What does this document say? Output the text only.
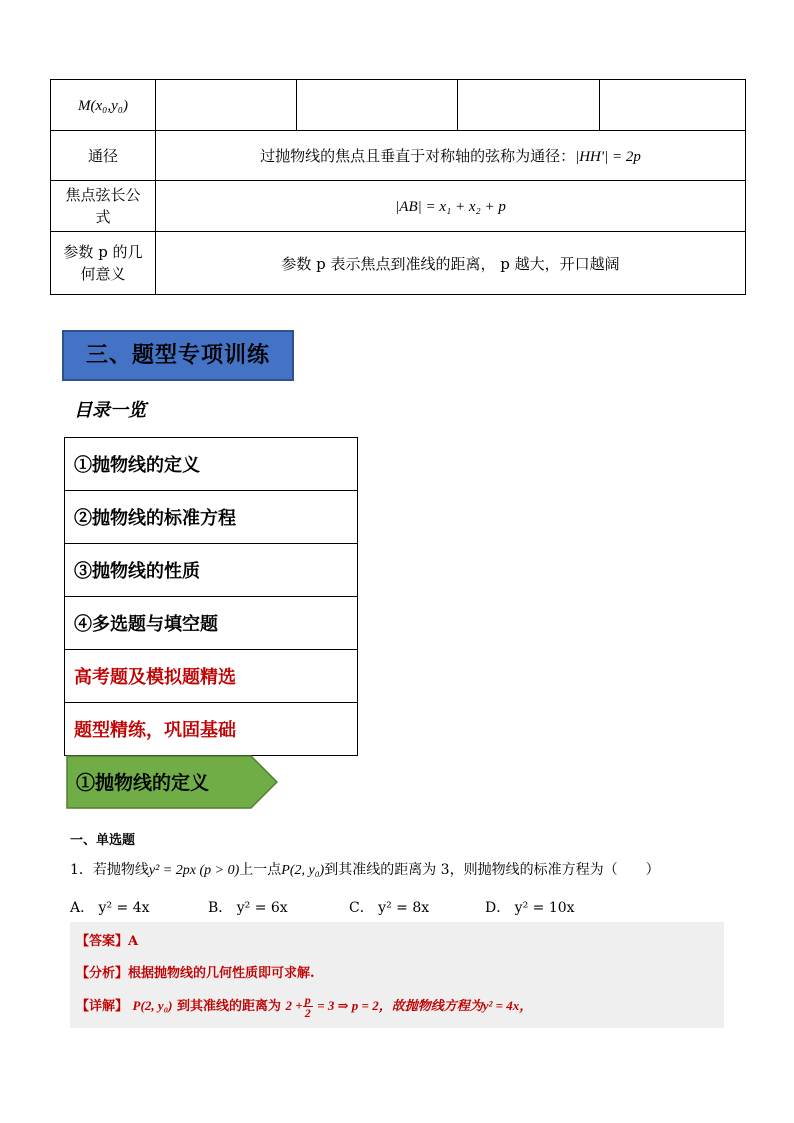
M(x₀,y₀)				
通径	过抛物线的焦点且垂直于对称轴的弦称为通径：|HH′| = 2p			
焦点弦长公式	|AB| = x₁ + x₂ + p			
参数 p 的几何意义	参数 p 表示焦点到准线的距离， p 越大，开口越阔			
三、题型专项训练
目录一览
①抛物线的定义
②抛物线的标准方程
③抛物线的性质
④多选题与填空题
高考题及模拟题精选
题型精练，巩固基础
①抛物线的定义
一、单选题
1．若抛物线y² = 2px (p > 0)上一点P(2, y₀)到其准线的距离为 3，则抛物线的标准方程为（　　）
A． y² = 4x	B． y² = 6x	C． y² = 8x	D． y² = 10x
【答案】A
【分析】根据抛物线的几何性质即可求解.
【详解】 P(2, y₀) 到其准线的距离为 $2 + \frac{p}{2} = 3$ ⇒ p = 2，故抛物线方程为y² = 4x，
